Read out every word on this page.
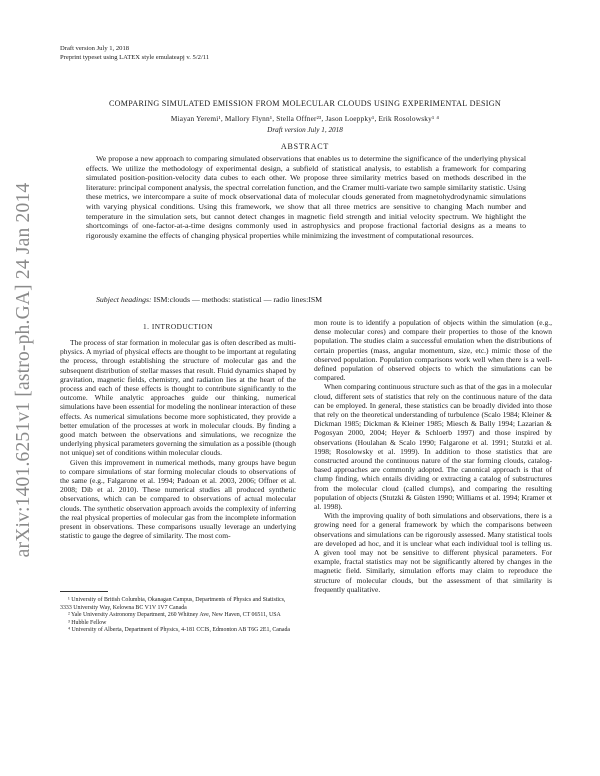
Draft version July 1, 2018
Preprint typeset using LATEX style emulateapj v. 5/2/11
arXiv:1401.6251v1 [astro-ph.GA] 24 Jan 2014
COMPARING SIMULATED EMISSION FROM MOLECULAR CLOUDS USING EXPERIMENTAL DESIGN
Miayan Yeremi¹, Mallory Flynn¹, Stella Offner²³, Jason Loeppky¹, Erik Rosolowsky¹ ⁴
Draft version July 1, 2018
ABSTRACT

We propose a new approach to comparing simulated observations that enables us to determine the significance of the underlying physical effects. We utilize the methodology of experimental design, a subfield of statistical analysis, to establish a framework for comparing simulated position-position-velocity data cubes to each other. We propose three similarity metrics based on methods described in the literature: principal component analysis, the spectral correlation function, and the Cramer multi-variate two sample similarity statistic. Using these metrics, we intercompare a suite of mock observational data of molecular clouds generated from magnetohydrodynamic simulations with varying physical conditions. Using this framework, we show that all three metrics are sensitive to changing Mach number and temperature in the simulation sets, but cannot detect changes in magnetic field strength and initial velocity spectrum. We highlight the shortcomings of one-factor-at-a-time designs commonly used in astrophysics and propose fractional factorial designs as a means to rigorously examine the effects of changing physical properties while minimizing the investment of computational resources.

Subject headings: ISM:clouds — methods: statistical — radio lines:ISM

1. INTRODUCTION

The process of star formation in molecular gas is often described as multi-physics. A myriad of physical effects are thought to be important at regulating the process, through establishing the structure of molecular gas and the subsequent distribution of stellar masses that result. Fluid dynamics shaped by gravitation, magnetic fields, chemistry, and radiation lies at the heart of the process and each of these effects is thought to contribute significantly to the outcome. While analytic approaches guide our thinking, numerical simulations have been essential for modeling the nonlinear interaction of these effects. As numerical simulations become more sophisticated, they provide a better emulation of the processes at work in molecular clouds. By finding a good match between the observations and simulations, we recognize the underlying physical parameters governing the simulation as a possible (though not unique) set of conditions within molecular clouds.

Given this improvement in numerical methods, many groups have begun to compare simulations of star forming molecular clouds to observations of the same (e.g., Falgarone et al. 1994; Padoan et al. 2003, 2006; Offner et al. 2008; Dib et al. 2010). These numerical studies all produced synthetic observations, which can be compared to observations of actual molecular clouds. The synthetic observation approach avoids the complexity of inferring the real physical properties of molecular gas from the incomplete information present in observations. These comparisons usually leverage an underlying statistic to gauge the degree of similarity. The most com-

¹ University of British Columbia, Okanagan Campus, Departments of Physics and Statistics, 3333 University Way, Kelowna BC V1V 1V7 Canada

² Yale University Astronomy Department, 260 Whitney Ave, New Haven, CT 06511, USA

³ Hubble Fellow

⁴ University of Alberta, Department of Physics, 4-181 CCIS, Edmonton AB T6G 2E1, Canada

mon route is to identify a population of objects within the simulation (e.g., dense molecular cores) and compare their properties to those of the known population. The studies claim a successful emulation when the distributions of certain properties (mass, angular momentum, size, etc.) mimic those of the observed population. Population comparisons work well when there is a well-defined population of observed objects to which the simulations can be compared.

When comparing continuous structure such as that of the gas in a molecular cloud, different sets of statistics that rely on the continuous nature of the data can be employed. In general, these statistics can be broadly divided into those that rely on the theoretical understanding of turbulence (Scalo 1984; Kleiner & Dickman 1985; Dickman & Kleiner 1985; Miesch & Bally 1994; Lazarian & Pogosyan 2000, 2004; Heyer & Schloerb 1997) and those inspired by observations (Houlahan & Scalo 1990; Falgarone et al. 1991; Stutzki et al. 1998; Rosolowsky et al. 1999). In addition to those statistics that are constructed around the continuous nature of the star forming clouds, catalog-based approaches are commonly adopted. The canonical approach is that of clump finding, which entails dividing or extracting a catalog of substructures from the molecular cloud (called clumps), and comparing the resulting population of objects (Stutzki & Güsten 1990; Williams et al. 1994; Kramer et al. 1998).

With the improving quality of both simulations and observations, there is a growing need for a general framework by which the comparisons between observations and simulations can be rigorously assessed. Many statistical tools are developed ad hoc, and it is unclear what each individual tool is telling us. A given tool may not be sensitive to different physical parameters. For example, fractal statistics may not be significantly altered by changes in the magnetic field. Similarly, simulation efforts may claim to reproduce the structure of molecular clouds, but the assessment of that similarity is frequently qualitative.
